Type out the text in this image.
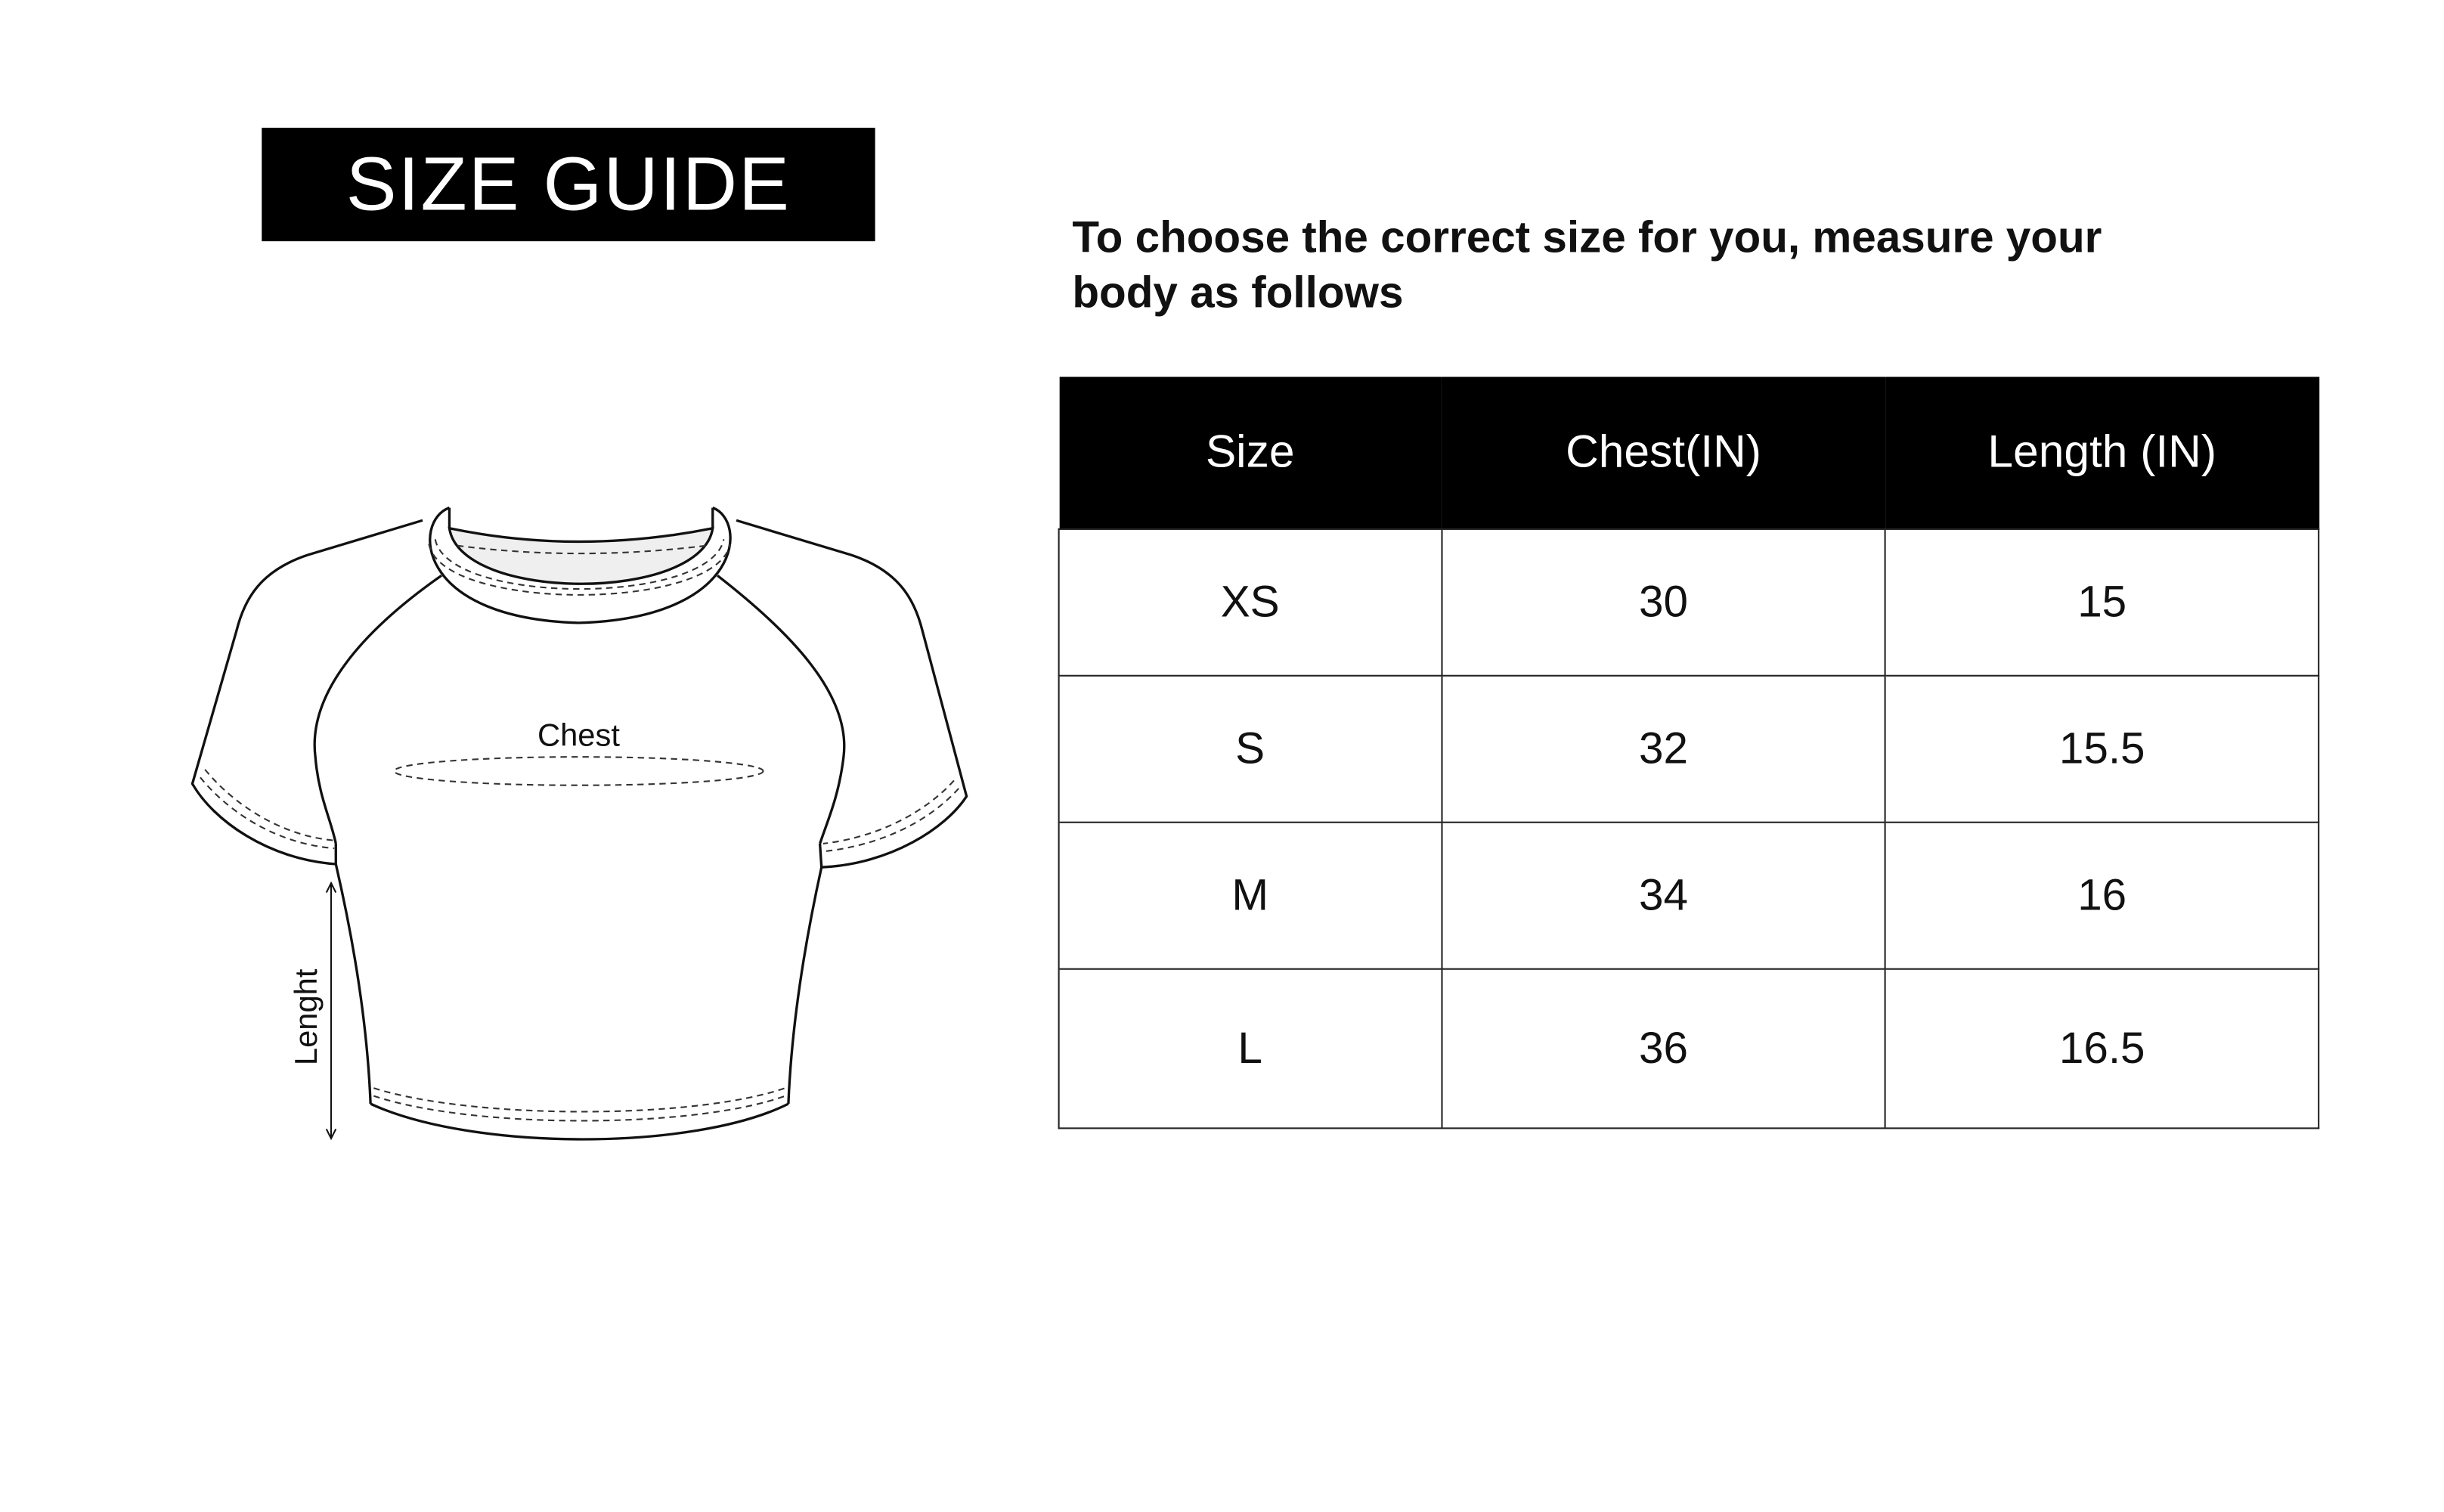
SIZE GUIDE
To choose the correct size for you, measure your body as follows
Chest
Lenght
Size	Chest(IN)	Length (IN)
XS	30	15
S	32	15.5
M	34	16
L	36	16.5
